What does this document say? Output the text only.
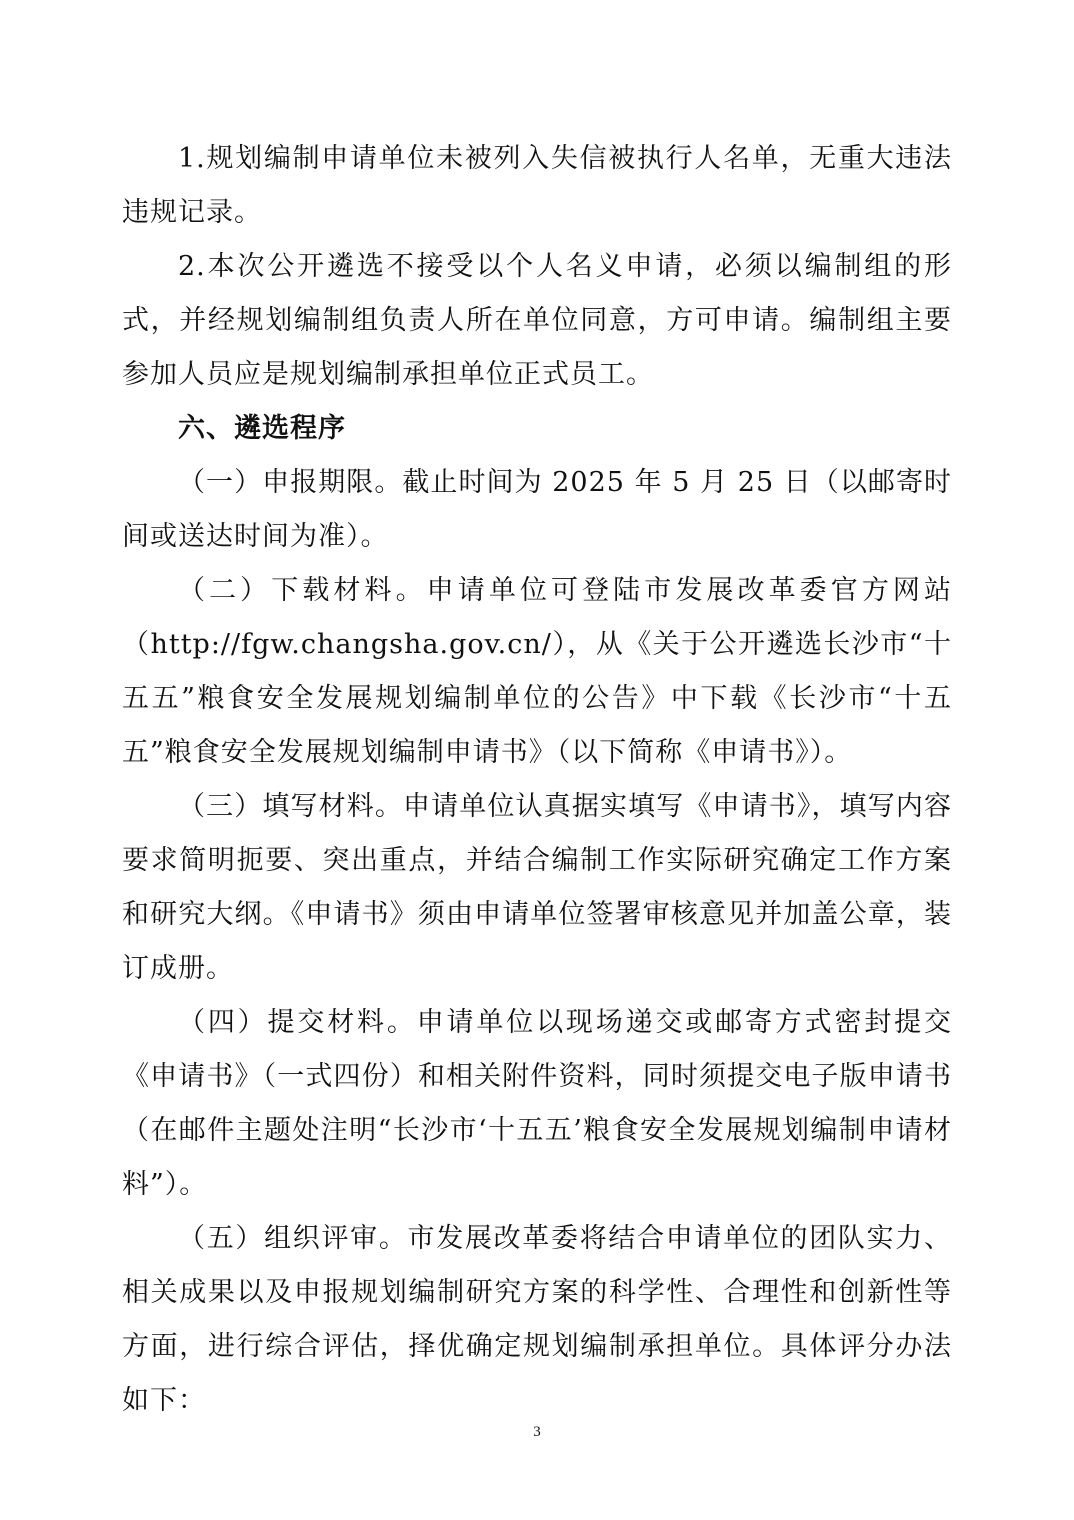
1.规划编制申请单位未被列入失信被执行人名单，无重大违法违规记录。

2.本次公开遴选不接受以个人名义申请，必须以编制组的形式，并经规划编制组负责人所在单位同意，方可申请。编制组主要参加人员应是规划编制承担单位正式员工。

六、遴选程序

（一）申报期限。截止时间为 2025 年 5 月 25 日（以邮寄时间或送达时间为准）。

（二）下载材料。申请单位可登陆市发展改革委官方网站（http://fgw.changsha.gov.cn/），从《关于公开遴选长沙市“十五五”粮食安全发展规划编制单位的公告》中下载《长沙市“十五五”粮食安全发展规划编制申请书》（以下简称《申请书》）。

（三）填写材料。申请单位认真据实填写《申请书》，填写内容要求简明扼要、突出重点，并结合编制工作实际研究确定工作方案和研究大纲。《申请书》须由申请单位签署审核意见并加盖公章，装订成册。

（四）提交材料。申请单位以现场递交或邮寄方式密封提交《申请书》（一式四份）和相关附件资料，同时须提交电子版申请书（在邮件主题处注明“长沙市‘十五五’粮食安全发展规划编制申请材料”）。

（五）组织评审。市发展改革委将结合申请单位的团队实力、相关成果以及申报规划编制研究方案的科学性、合理性和创新性等方面，进行综合评估，择优确定规划编制承担单位。具体评分办法如下：

3
